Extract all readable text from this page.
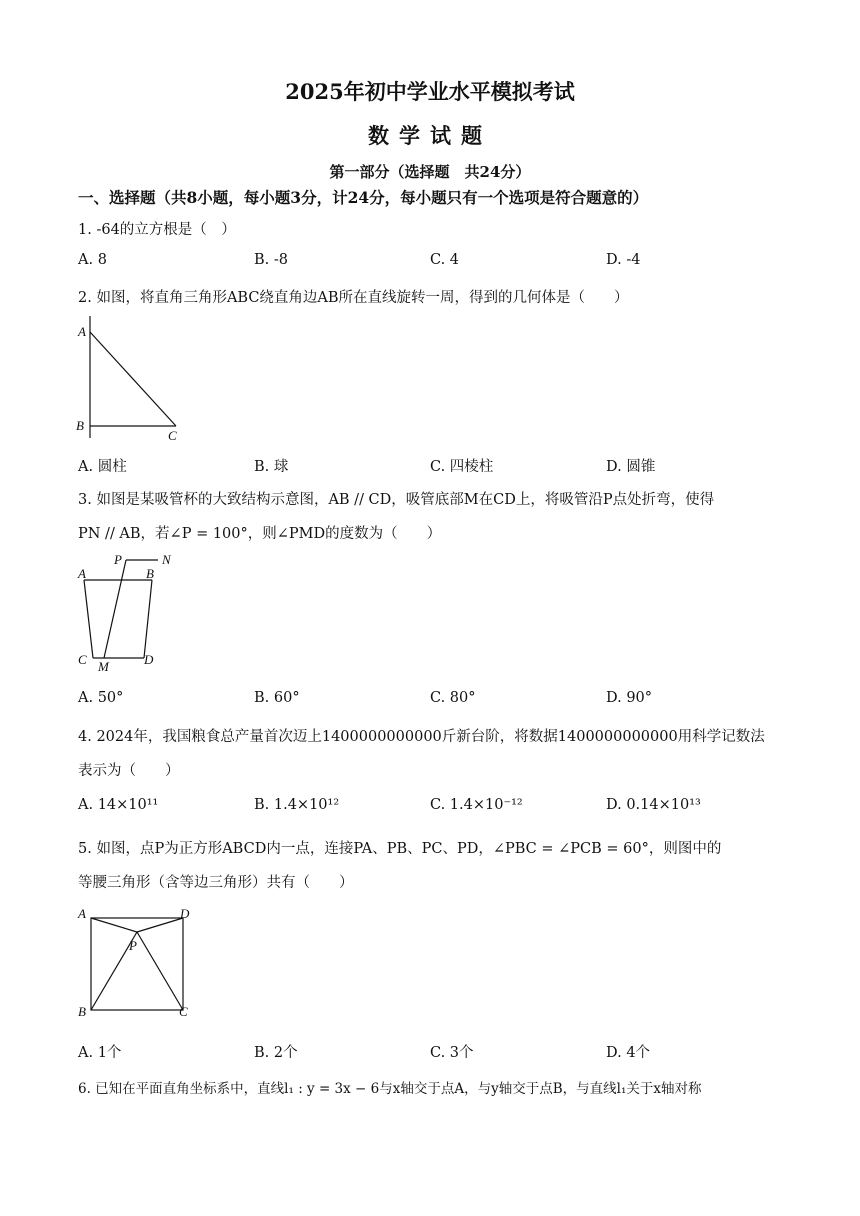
2025年初中学业水平模拟考试
数学试题
第一部分（选择题　共24分）
一、选择题（共8小题，每小题3分，计24分，每小题只有一个选项是符合题意的）
1. -64的立方根是（　）
A. 8	B. -8	C. 4	D. -4
2. 如图，将直角三角形ABC绕直角边AB所在直线旋转一周，得到的几何体是（　　）
A
B
C
A. 圆柱	B. 球	C. 四棱柱	D. 圆锥
3. 如图是某吸管杯的大致结构示意图，AB // CD，吸管底部M在CD上，将吸管沿P点处折弯，使得
PN // AB，若∠P = 100°，则∠PMD的度数为（　　）
P	N
A	B
C M	D
A. 50°	B. 60°	C. 80°	D. 90°
4. 2024年，我国粮食总产量首次迈上1400000000000斤新台阶，将数据1400000000000用科学记数法
表示为（　　）
A. 14×10¹¹	B. 1.4×10¹²	C. 1.4×10⁻¹²	D. 0.14×10¹³
5. 如图，点P为正方形ABCD内一点，连接PA、PB、PC、PD，∠PBC = ∠PCB = 60°，则图中的
等腰三角形（含等边三角形）共有（　　）
A	D
P
B	C
A. 1个	B. 2个	C. 3个	D. 4个
6. 已知在平面直角坐标系中，直线l₁ : y = 3x − 6与x轴交于点A，与y轴交于点B，与直线l₁关于x轴对称
